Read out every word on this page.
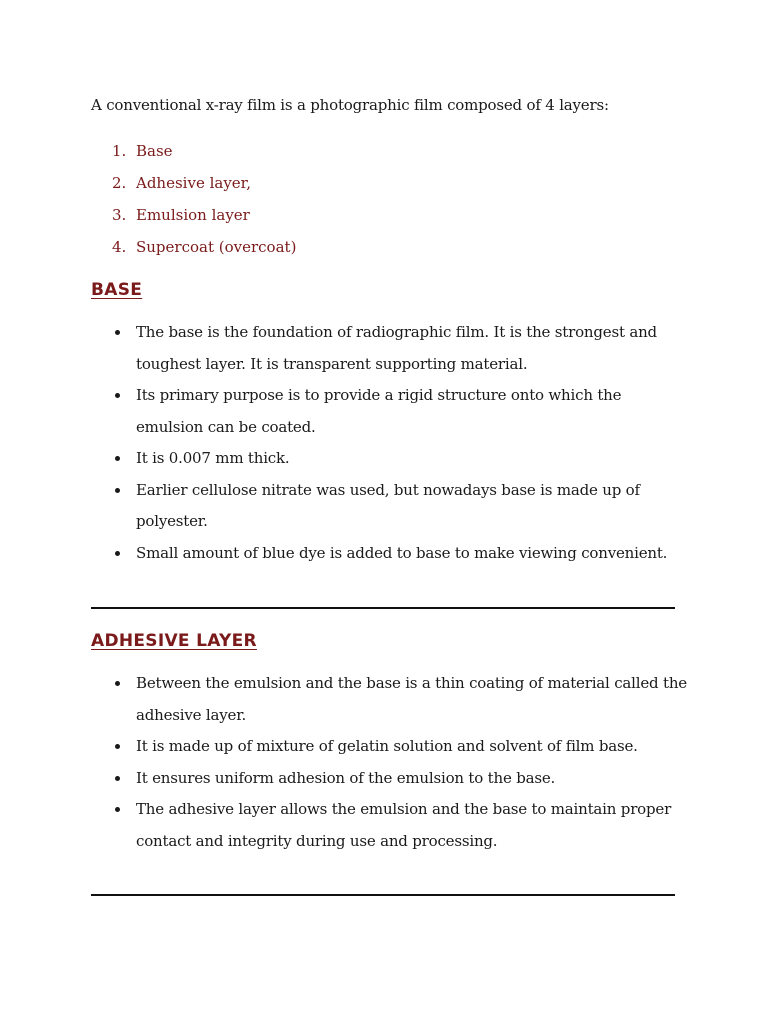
A conventional x-ray film is a photographic film composed of 4 layers:

1. Base
2. Adhesive layer,
3. Emulsion layer
4. Supercoat (overcoat)
BASE
The base is the foundation of radiographic film. It is the strongest and toughest layer. It is transparent supporting material.
Its primary purpose is to provide a rigid structure onto which the emulsion can be coated.
It is 0.007 mm thick.
Earlier cellulose nitrate was used, but nowadays base is made up of polyester.
Small amount of blue dye is added to base to make viewing convenient.
ADHESIVE LAYER
Between the emulsion and the base is a thin coating of material called the adhesive layer.
It is made up of mixture of gelatin solution and solvent of film base.
It ensures uniform adhesion of the emulsion to the base.
The adhesive layer allows the emulsion and the base to maintain proper contact and integrity during use and processing.
